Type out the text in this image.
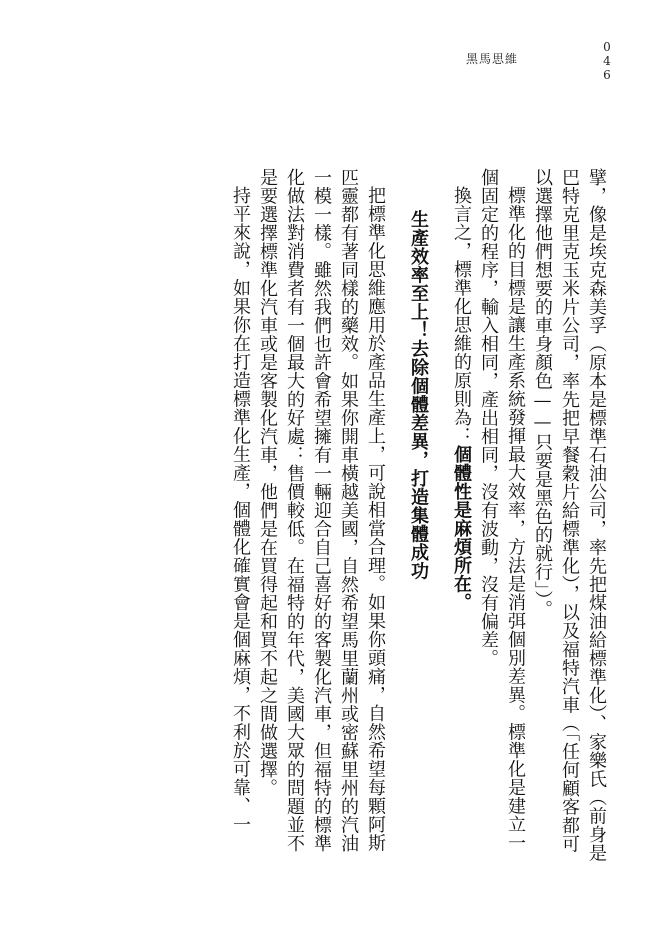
黑馬思維	046

擘，像是埃克森美孚（原本是標準石油公司，率先把煤油給標準化）、家樂氏（前身是巴特克里克玉米片公司，率先把早餐穀片給標準化），以及福特汽車（「任何顧客都可以選擇他們想要的車身顏色——只要是黑色的就行」）。

標準化的目標是讓生產系統發揮最大效率，方法是消弭個別差異。標準化是建立一個固定的程序，輸入相同，產出相同，沒有波動，沒有偏差。

換言之，標準化思維的原則為：個體性是麻煩所在。

生產效率至上！去除個體差異，打造集體成功

把標準化思維應用於產品生產上，可說相當合理。如果你頭痛，自然希望每顆阿斯匹靈都有著同樣的藥效。如果你開車橫越美國，自然希望馬里蘭州或密蘇里州的汽油一模一樣。雖然我們也許會希望擁有一輛迎合自己喜好的客製化汽車，但福特的標準化做法對消費者有一個最大的好處：售價較低。在福特的年代，美國大眾的問題並不是要選擇標準化汽車或是客製化汽車，他們是在買得起和買不起之間做選擇。

持平來說，如果你在打造標準化生產，個體化確實會是個麻煩，不利於可靠、一
